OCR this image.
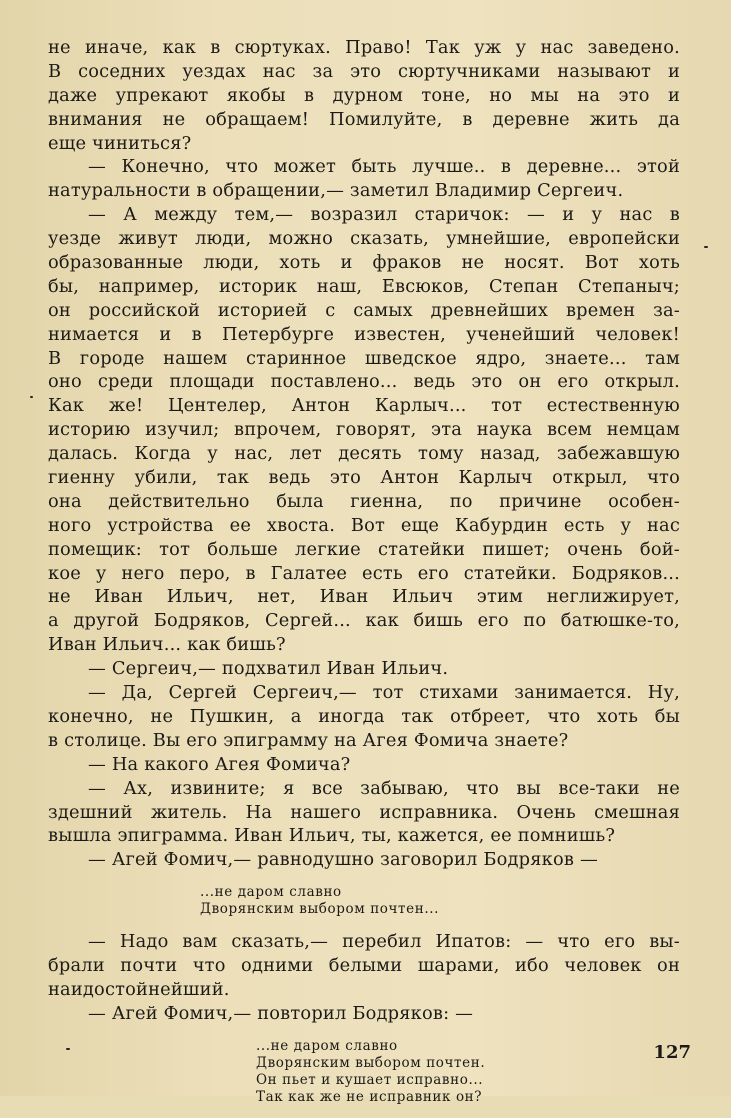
не иначе, как в сюртуках. Право! Так уж у нас заведено.
В соседних уездах нас за это сюртучниками называют и
даже упрекают якобы в дурном тоне, но мы на это и
внимания не обращаем! Помилуйте, в деревне жить да
еще чиниться?
— Конечно, что может быть лучше.. в деревне... этой
натуральности в обращении,— заметил Владимир Сергеич.
— А между тем,— возразил старичок: — и у нас в
уезде живут люди, можно сказать, умнейшие, европейски
образованные люди, хоть и фраков не носят. Вот хоть
бы, например, историк наш, Евсюков, Степан Степаныч;
он российской историей с самых древнейших времен за-
нимается и в Петербурге известен, ученейший человек!
В городе нашем старинное шведское ядро, знаете... там
оно среди площади поставлено... ведь это он его открыл.
Как же! Центелер, Антон Карлыч... тот естественную
историю изучил; впрочем, говорят, эта наука всем немцам
далась. Когда у нас, лет десять тому назад, забежавшую
гиенну убили, так ведь это Антон Карлыч открыл, что
она действительно была гиенна, по причине особен-
ного устройства ее хвоста. Вот еще Кабурдин есть у нас
помещик: тот больше легкие статейки пишет; очень бой-
кое у него перо, в Галатее есть его статейки. Бодряков...
не Иван Ильич, нет, Иван Ильич этим неглижирует,
а другой Бодряков, Сергей... как бишь его по батюшке-то,
Иван Ильич... как бишь?
— Сергеич,— подхватил Иван Ильич.
— Да, Сергей Сергеич,— тот стихами занимается. Ну,
конечно, не Пушкин, а иногда так отбреет, что хоть бы
в столице. Вы его эпиграмму на Агея Фомича знаете?
— На какого Агея Фомича?
— Ах, извините; я все забываю, что вы все-таки не
здешний житель. На нашего исправника. Очень смешная
вышла эпиграмма. Иван Ильич, ты, кажется, ее помнишь?
— Агей Фомич,— равнодушно заговорил Бодряков —
...не даром славно
Дворянским выбором почтен...
— Надо вам сказать,— перебил Ипатов: — что его вы-
брали почти что одними белыми шарами, ибо человек он
наидостойнейший.
— Агей Фомич,— повторил Бодряков: —
...не даром славно
Дворянским выбором почтен.
Он пьет и кушает исправно...
Так как же не исправник он?
127
